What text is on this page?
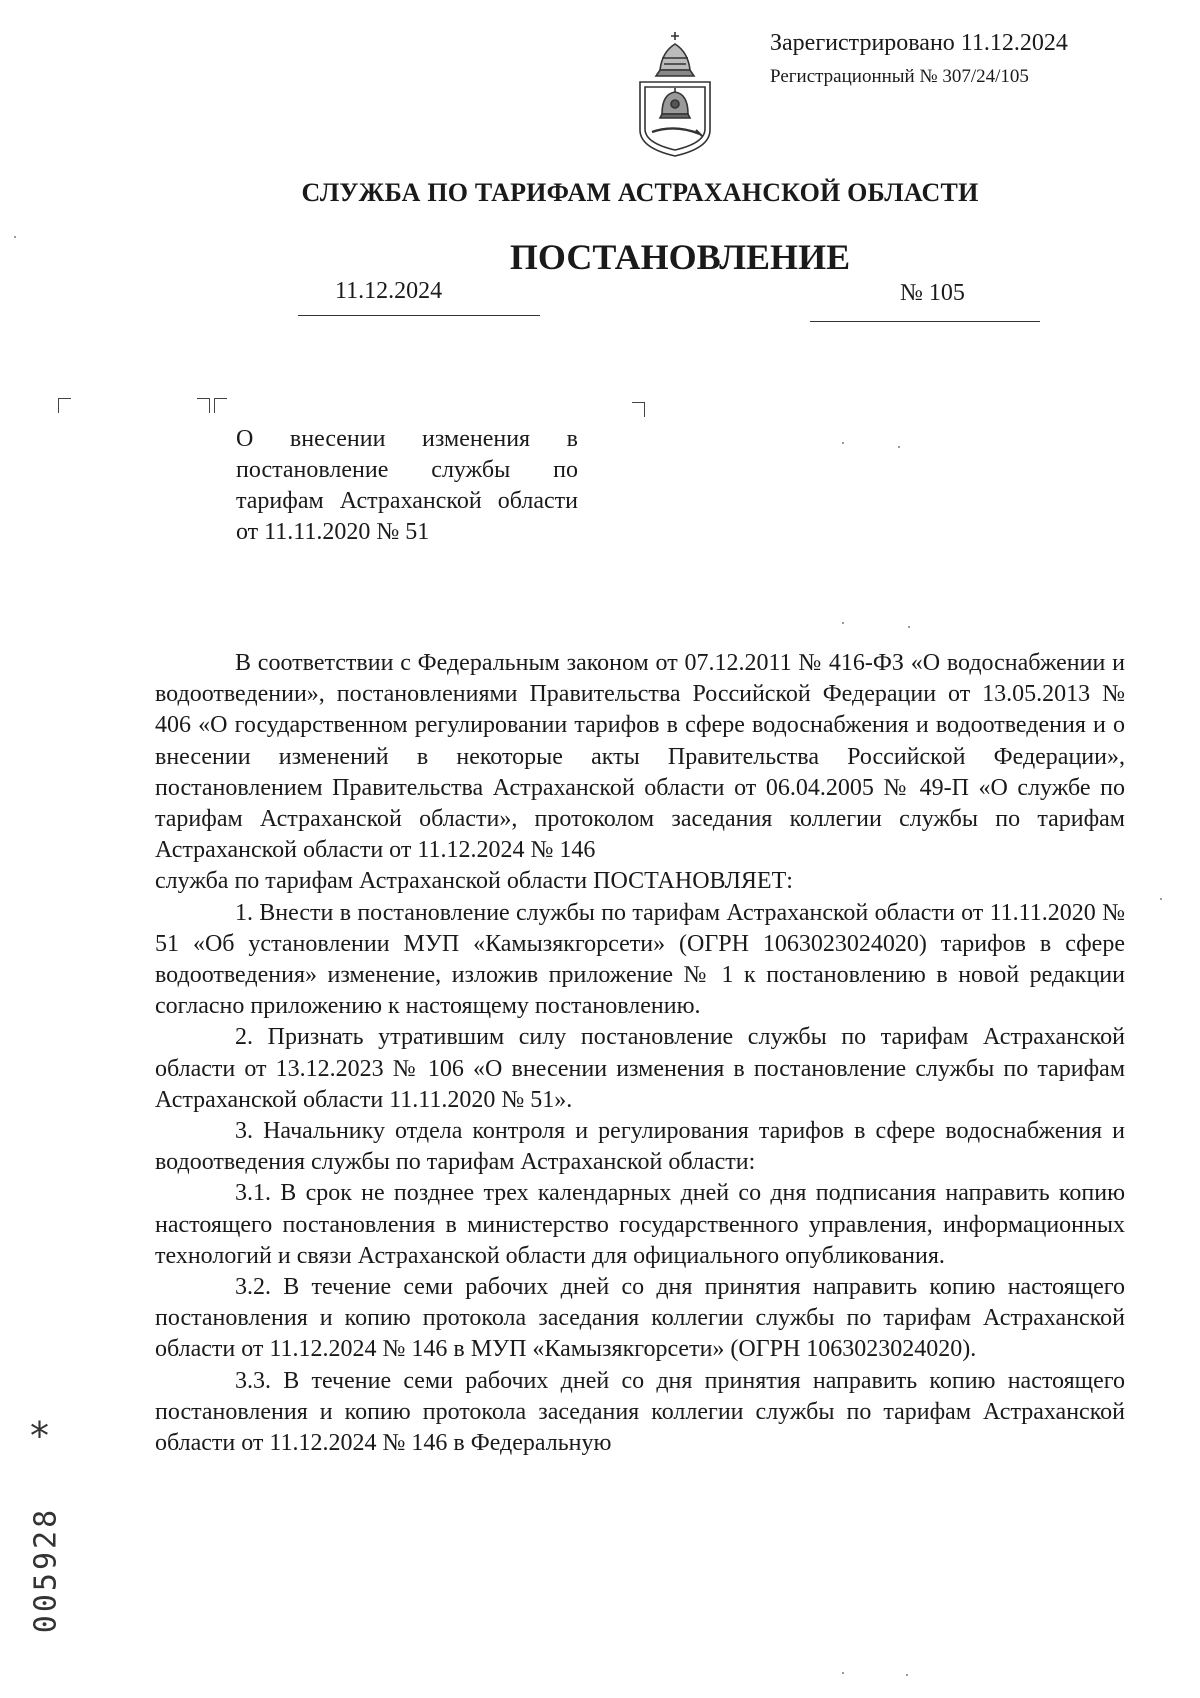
Зарегистрировано 11.12.2024
Регистрационный № 307/24/105
СЛУЖБА ПО ТАРИФАМ АСТРАХАНСКОЙ ОБЛАСТИ
ПОСТАНОВЛЕНИЕ
11.12.2024	№ 105
О внесении изменения в постановление службы по тарифам Астраханской области от 11.11.2020 № 51

В соответствии с Федеральным законом от 07.12.2011 № 416-ФЗ «О водоснабжении и водоотведении», постановлениями Правительства Российской Федерации от 13.05.2013 № 406 «О государственном регулировании тарифов в сфере водоснабжения и водоотведения и о внесении изменений в некоторые акты Правительства Российской Федерации», постановлением Правительства Астраханской области от 06.04.2005 № 49-П «О службе по тарифам Астраханской области», протоколом заседания коллегии службы по тарифам Астраханской области от 11.12.2024 № 146

служба по тарифам Астраханской области ПОСТАНОВЛЯЕТ:

1. Внести в постановление службы по тарифам Астраханской области от 11.11.2020 № 51 «Об установлении МУП «Камызякгорсети» (ОГРН 1063023024020) тарифов в сфере водоотведения» изменение, изложив приложение № 1 к постановлению в новой редакции согласно приложению к настоящему постановлению.

2. Признать утратившим силу постановление службы по тарифам Астраханской области от 13.12.2023 № 106 «О внесении изменения в постановление службы по тарифам Астраханской области 11.11.2020 № 51».

3. Начальнику отдела контроля и регулирования тарифов в сфере водоснабжения и водоотведения службы по тарифам Астраханской области:

3.1. В срок не позднее трех календарных дней со дня подписания направить копию настоящего постановления в министерство государственного управления, информационных технологий и связи Астраханской области для официального опубликования.

3.2. В течение семи рабочих дней со дня принятия направить копию настоящего постановления и копию протокола заседания коллегии службы по тарифам Астраханской области от 11.12.2024 № 146 в МУП «Камызякгорсети» (ОГРН 1063023024020).

3.3. В течение семи рабочих дней со дня принятия направить копию настоящего постановления и копию протокола заседания коллегии службы по тарифам Астраханской области от 11.12.2024 № 146 в Федеральную

*
005928
